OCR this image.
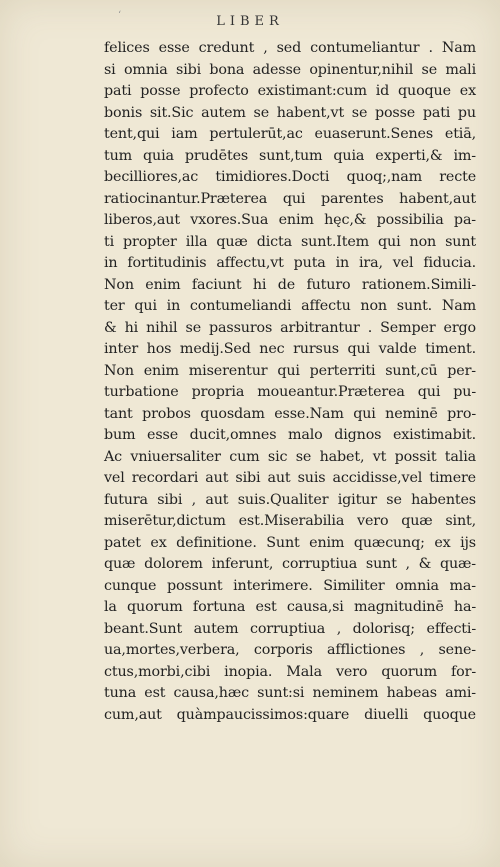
‘	LIBER
felices esse credunt , sed contumeliantur . Nam
si omnia sibi bona adesse opinentur,nihil se mali
pati posse profecto existimant:cum id quoque ex
bonis sit.Sic autem se habent,vt se posse pati pu
tent,qui iam pertulerūt,ac euaserunt.Senes etiā,
tum quia prudētes sunt,tum quia experti,& im-
becilliores,ac timidiores.Docti quoq;,nam recte
ratiocinantur.Præterea qui parentes habent,aut
liberos,aut vxores.Sua enim hęc,& possibilia pa-
ti propter illa quæ dicta sunt.Item qui non sunt
in fortitudinis affectu,vt puta in ira, vel fiducia.
Non enim faciunt hi de futuro rationem.Simili-
ter qui in contumeliandi affectu non sunt. Nam
& hi nihil se passuros arbitrantur . Semper ergo
inter hos medij.Sed nec rursus qui valde timent.
Non enim miserentur qui perterriti sunt,cū per-
turbatione propria moueantur.Præterea qui pu-
tant probos quosdam esse.Nam qui neminē pro-
bum esse ducit,omnes malo dignos existimabit.
Ac vniuersaliter cum sic se habet, vt possit talia
vel recordari aut sibi aut suis accidisse,vel timere
futura sibi , aut suis.Qualiter igitur se habentes
miserētur,dictum est.Miserabilia vero quæ sint,
patet ex definitione. Sunt enim quæcunq; ex ijs
quæ dolorem inferunt, corruptiua sunt , & quæ-
cunque possunt interimere. Similiter omnia ma-
la quorum fortuna est causa,si magnitudinē ha-
beant.Sunt autem corruptiua , dolorisq; effecti-
ua,mortes,verbera, corporis afflictiones , sene-
ctus,morbi,cibi inopia. Mala vero quorum for-
tuna est causa,hæc sunt:si neminem habeas ami-
cum,aut quàmpaucissimos:quare diuelli quoque
